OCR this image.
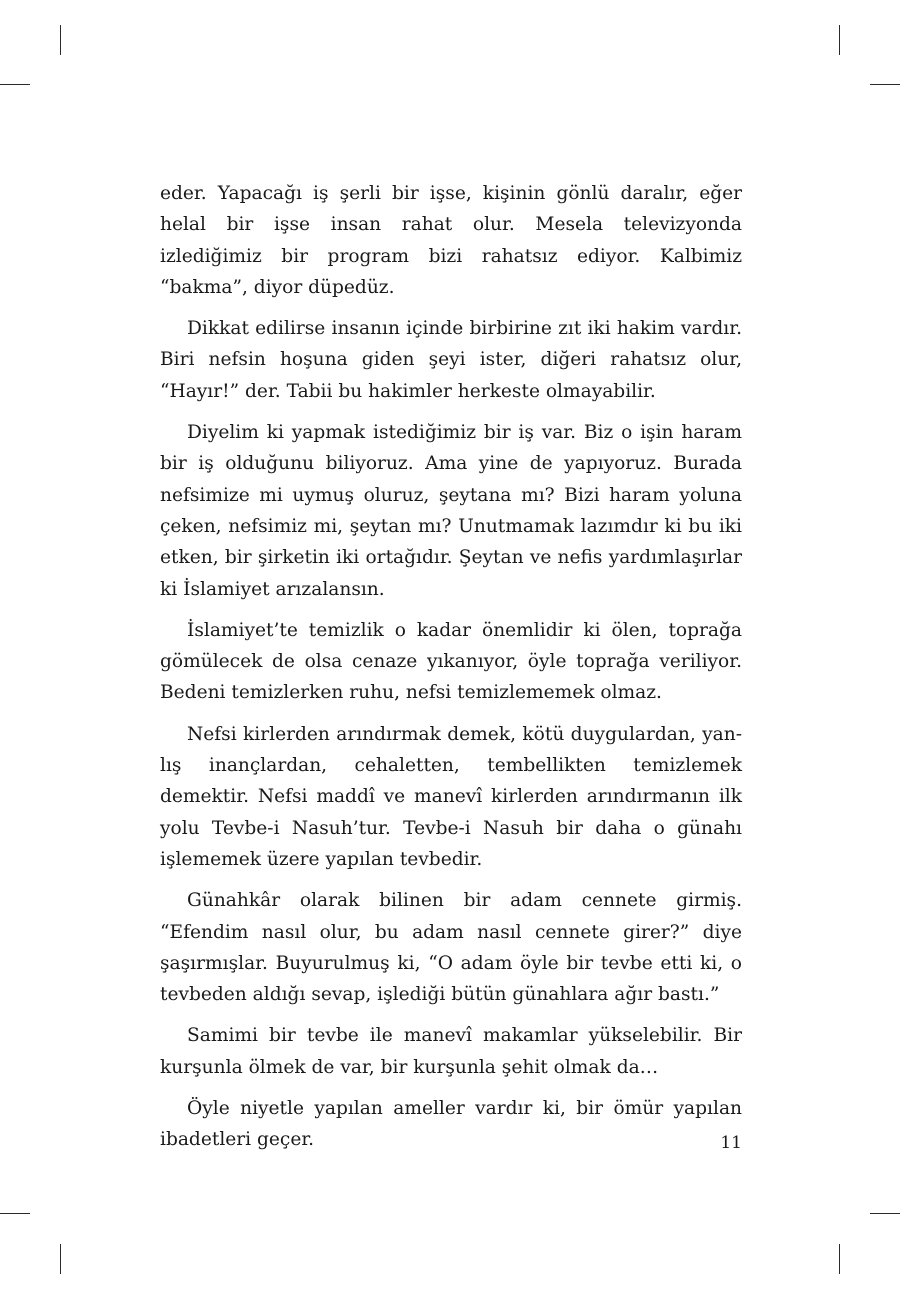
eder. Yapacağı iş şerli bir işse, kişinin gönlü daralır, eğer helal bir işse insan rahat olur. Mesela televizyonda izlediğimiz bir program bizi rahatsız ediyor. Kalbimiz “bakma”, diyor düpedüz.

Dikkat edilirse insanın içinde birbirine zıt iki hakim vardır. Biri nefsin hoşuna giden şeyi ister, diğeri rahatsız olur, “Hayır!” der. Tabii bu hakimler herkeste olmayabilir.

Diyelim ki yapmak istediğimiz bir iş var. Biz o işin haram bir iş olduğunu biliyoruz. Ama yine de yapıyoruz. Burada nefsimize mi uymuş oluruz, şeytana mı? Bizi haram yoluna çeken, nefsimiz mi, şeytan mı? Unutmamak lazımdır ki bu iki etken, bir şirketin iki ortağıdır. Şeytan ve nefis yardımlaşırlar ki İslamiyet arızalansın.

İslamiyet’te temizlik o kadar önemlidir ki ölen, toprağa gömülecek de olsa cenaze yıkanıyor, öyle toprağa veriliyor. Bedeni temizlerken ruhu, nefsi temizlememek olmaz.

Nefsi kirlerden arındırmak demek, kötü duygulardan, yanlış inançlardan, cehaletten, tembellikten temizlemek demektir. Nefsi maddî ve manevî kirlerden arındırmanın ilk yolu Tevbe-i Nasuh’tur. Tevbe-i Nasuh bir daha o günahı işlememek üzere yapılan tevbedir.

Günahkâr olarak bilinen bir adam cennete girmiş. “Efendim nasıl olur, bu adam nasıl cennete girer?” diye şaşırmışlar. Buyurulmuş ki, “O adam öyle bir tevbe etti ki, o tevbeden aldığı sevap, işlediği bütün günahlara ağır bastı.”

Samimi bir tevbe ile manevî makamlar yükselebilir. Bir kurşunla ölmek de var, bir kurşunla şehit olmak da…

Öyle niyetle yapılan ameller vardır ki, bir ömür yapılan ibadetleri geçer.	11
